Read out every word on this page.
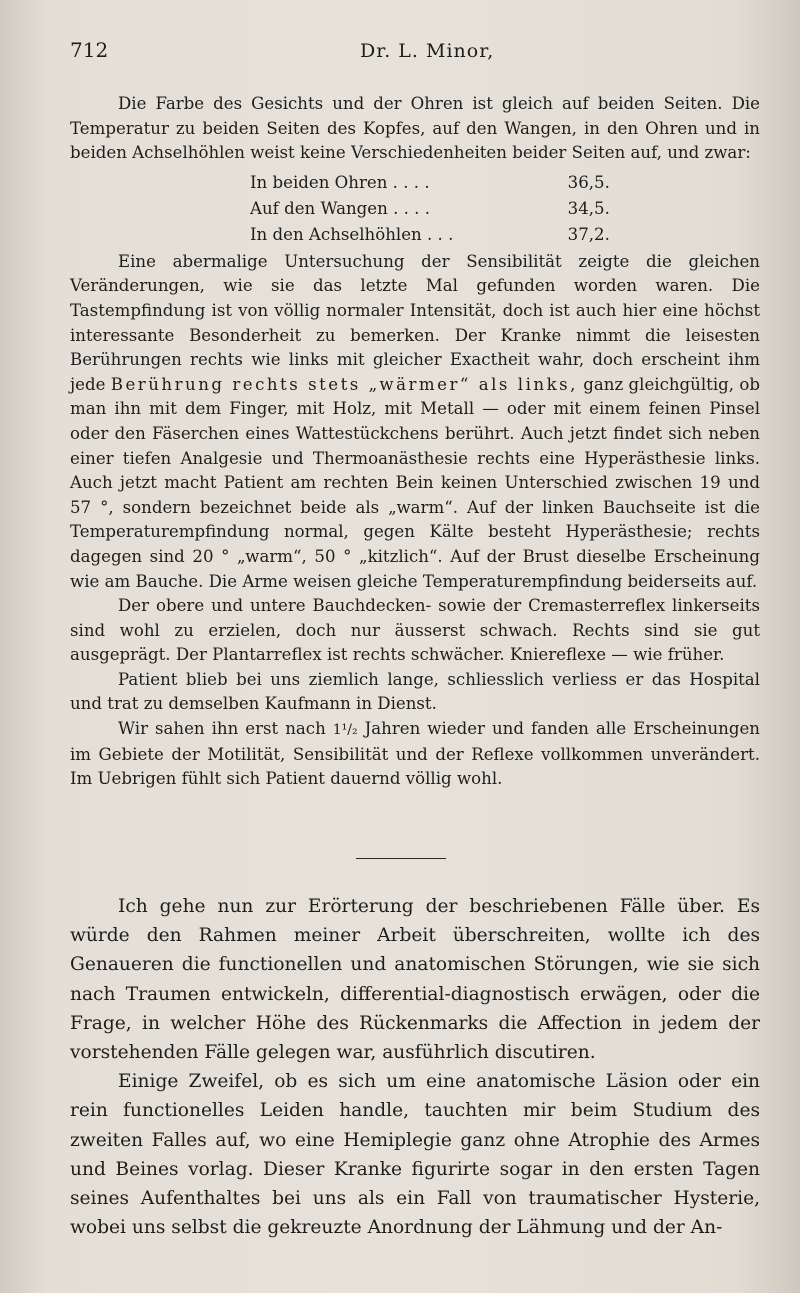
712	Dr. L. Minor,

Die Farbe des Gesichts und der Ohren ist gleich auf beiden Seiten. Die Temperatur zu beiden Seiten des Kopfes, auf den Wangen, in den Ohren und in beiden Achselhöhlen weist keine Verschiedenheiten beider Seiten auf, und zwar:

In beiden Ohren . . . .	36,5.
Auf den Wangen . . . .	34,5.
In den Achselhöhlen . . .	37,2.

Eine abermalige Untersuchung der Sensibilität zeigte die gleichen Veränderungen, wie sie das letzte Mal gefunden worden waren. Die Tastempfindung ist von völlig normaler Intensität, doch ist auch hier eine höchst interessante Besonderheit zu bemerken. Der Kranke nimmt die leisesten Berührungen rechts wie links mit gleicher Exactheit wahr, doch erscheint ihm jede Berührung rechts stets „wärmer“ als links, ganz gleichgültig, ob man ihn mit dem Finger, mit Holz, mit Metall — oder mit einem feinen Pinsel oder den Fäserchen eines Wattestückchens berührt. Auch jetzt findet sich neben einer tiefen Analgesie und Thermoanästhesie rechts eine Hyperästhesie links. Auch jetzt macht Patient am rechten Bein keinen Unterschied zwischen 19 und 57 °, sondern bezeichnet beide als „warm“. Auf der linken Bauchseite ist die Temperaturempfindung normal, gegen Kälte besteht Hyperästhesie; rechts dagegen sind 20 ° „warm“, 50 ° „kitzlich“. Auf der Brust dieselbe Erscheinung wie am Bauche. Die Arme weisen gleiche Temperaturempfindung beiderseits auf.

Der obere und untere Bauchdecken- sowie der Cremasterreflex linkerseits sind wohl zu erzielen, doch nur äusserst schwach. Rechts sind sie gut ausgeprägt. Der Plantarreflex ist rechts schwächer. Kniereflexe — wie früher.

Patient blieb bei uns ziemlich lange, schliesslich verliess er das Hospital und trat zu demselben Kaufmann in Dienst.

Wir sahen ihn erst nach 1¹/₂ Jahren wieder und fanden alle Erscheinungen im Gebiete der Motilität, Sensibilität und der Reflexe vollkommen unverändert. Im Uebrigen fühlt sich Patient dauernd völlig wohl.

Ich gehe nun zur Erörterung der beschriebenen Fälle über. Es würde den Rahmen meiner Arbeit überschreiten, wollte ich des Genaueren die functionellen und anatomischen Störungen, wie sie sich nach Traumen entwickeln, differential-diagnostisch erwägen, oder die Frage, in welcher Höhe des Rückenmarks die Affection in jedem der vorstehenden Fälle gelegen war, ausführlich discutiren.

Einige Zweifel, ob es sich um eine anatomische Läsion oder ein rein functionelles Leiden handle, tauchten mir beim Studium des zweiten Falles auf, wo eine Hemiplegie ganz ohne Atrophie des Armes und Beines vorlag. Dieser Kranke figurirte sogar in den ersten Tagen seines Aufenthaltes bei uns als ein Fall von traumatischer Hysterie, wobei uns selbst die gekreuzte Anordnung der Lähmung und der An-
